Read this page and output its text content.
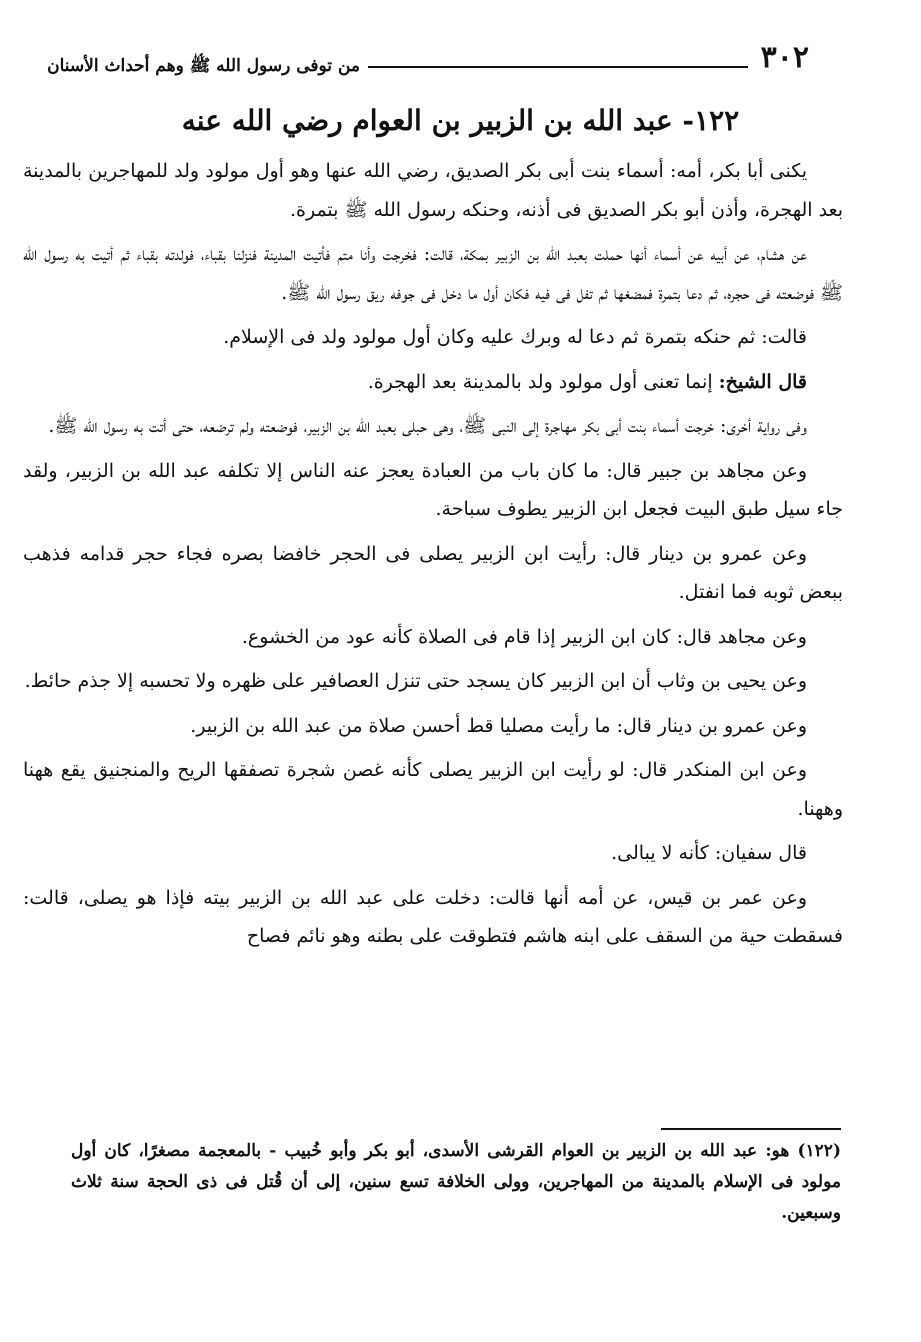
٣٠٢
من توفى رسول الله ﷺ وهم أحداث الأسنان
١٢٢- عبد الله بن الزبير بن العوام رضي الله عنه

يكنى أبا بكر، أمه: أسماء بنت أبى بكر الصديق، رضي الله عنها وهو أول مولود ولد للمهاجرين بالمدينة بعد الهجرة، وأذن أبو بكر الصديق فى أذنه، وحنكه رسول الله ﷺ بتمرة.

عن هشام، عن أبيه عن أسماء أنها حملت بعبد الله بن الزبير بمكة، قالت: فخرجت وأنا متم فأتيت المدينة فنزلنا بقباء، فولدته بقباء ثم أتيت به رسول الله ﷺ فوضعته فى حجره، ثم دعا بتمرة فمضغها ثم تفل فى فيه فكان أول ما دخل فى جوفه ريق رسول الله ﷺ.

قالت: ثم حنكه بتمرة ثم دعا له وبرك عليه وكان أول مولود ولد فى الإسلام.

قال الشيخ: إنما تعنى أول مولود ولد بالمدينة بعد الهجرة.

وفى رواية أخرى: خرجت أسماء بنت أبى بكر مهاجرة إلى النبى ﷺ، وهى حبلى بعبد الله بن الزبير، فوضعته ولم ترضعه، حتى أتت به رسول الله ﷺ.

وعن مجاهد بن جبير قال: ما كان باب من العبادة يعجز عنه الناس إلا تكلفه عبد الله بن الزبير، ولقد جاء سيل طبق البيت فجعل ابن الزبير يطوف سباحة.

وعن عمرو بن دينار قال: رأيت ابن الزبير يصلى فى الحجر خافضا بصره فجاء حجر قدامه فذهب ببعض ثوبه فما انفتل.

وعن مجاهد قال: كان ابن الزبير إذا قام فى الصلاة كأنه عود من الخشوع.

وعن يحيى بن وثاب أن ابن الزبير كان يسجد حتى تنزل العصافير على ظهره ولا تحسبه إلا جذم حائط.

وعن عمرو بن دينار قال: ما رأيت مصليا قط أحسن صلاة من عبد الله بن الزبير.

وعن ابن المنكدر قال: لو رأيت ابن الزبير يصلى كأنه غصن شجرة تصفقها الريح والمنجنيق يقع ههنا وههنا.

قال سفيان: كأنه لا يبالى.

وعن عمر بن قيس، عن أمه أنها قالت: دخلت على عبد الله بن الزبير بيته فإذا هو يصلى، قالت: فسقطت حية من السقف على ابنه هاشم فتطوقت على بطنه وهو نائم فصاح

(١٢٢) هو: عبد الله بن الزبير بن العوام القرشى الأسدى، أبو بكر وأبو خُبيب - بالمعجمة مصغرًا، كان أول مولود فى الإسلام بالمدينة من المهاجرين، وولى الخلافة تسع سنين، إلى أن قُتل فى ذى الحجة سنة ثلاث وسبعين.
